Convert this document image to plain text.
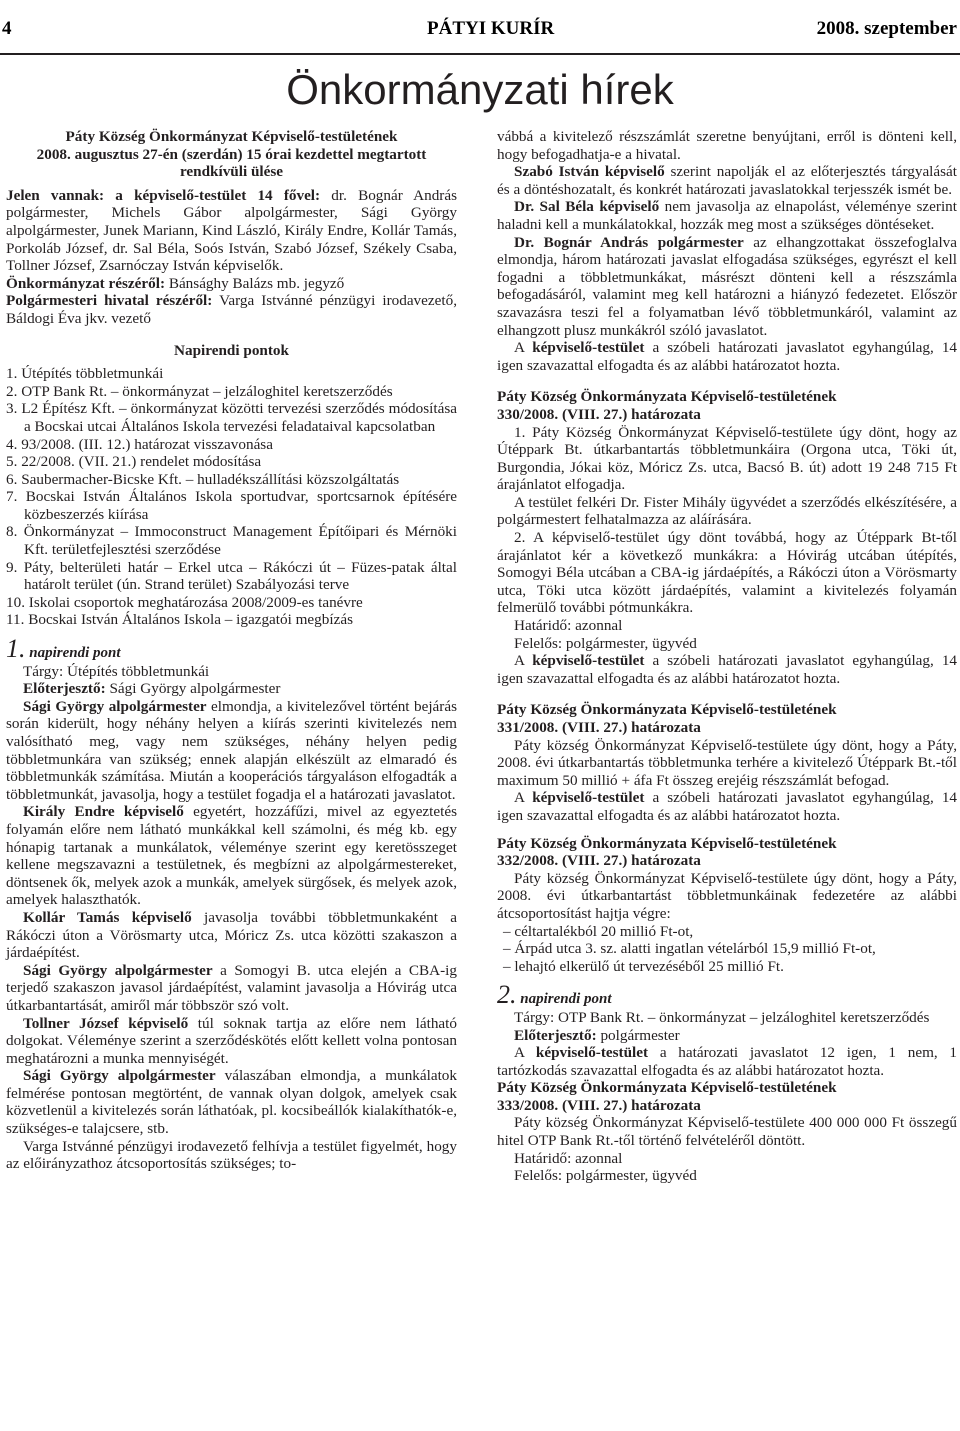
4	PÁTYI KURÍR	2008. szeptember
Önkormányzati hírek

Páty Község Önkormányzat Képviselő-testületének

2008. augusztus 27-én (szerdán) 15 órai kezdettel megtartott

rendkívüli ülése

Jelen vannak: a képviselő-testület 14 fővel: dr. Bognár András polgármester, Michels Gábor alpolgármester, Sági György alpolgármester, Junek Mariann, Kind László, Király Endre, Kollár Tamás, Porkoláb József, dr. Sal Béla, Soós István, Szabó József, Székely Csaba, Tollner József, Zsarnóczay István képviselők.

Önkormányzat részéről: Bánsághy Balázs mb. jegyző

Polgármesteri hivatal részéről: Varga Istvánné pénzügyi irodavezető, Báldogi Éva jkv. vezető

Napirendi pontok

1. Útépítés többletmunkái

2. OTP Bank Rt. – önkormányzat – jelzáloghitel keretszerződés

3. L2 Építész Kft. – önkormányzat közötti tervezési szerződés módosítása a Bocskai utcai Általános Iskola tervezési feladataival kapcsolatban

4. 93/2008. (III. 12.) határozat visszavonása

5. 22/2008. (VII. 21.) rendelet módosítása

6. Saubermacher-Bicske Kft. – hulladékszállítási közszolgáltatás

7. Bocskai István Általános Iskola sportudvar, sportcsarnok építésére közbeszerzés kiírása

8. Önkormányzat – Immoconstruct Management Építőipari és Mérnöki Kft. területfejlesztési szerződése

9. Páty, belterületi határ – Erkel utca – Rákóczi út – Füzes-patak által határolt terület (ún. Strand terület) Szabályozási terve

10. Iskolai csoportok meghatározása 2008/2009-es tanévre

11. Bocskai István Általános Iskola – igazgatói megbízás

1. napirendi pont

Tárgy: Útépítés többletmunkái

Előterjesztő: Sági György alpolgármester

Sági György alpolgármester elmondja, a kivitelezővel történt bejárás során kiderült, hogy néhány helyen a kiírás szerinti kivitelezés nem valósítható meg, vagy nem szükséges, néhány helyen pedig többletmunkára van szükség; ennek alapján elkészült az elmaradó és többletmunkák számítása. Miután a kooperációs tárgyaláson elfogadták a többletmunkát, javasolja, hogy a testület fogadja el a határozati javaslatot.

Király Endre képviselő egyetért, hozzáfűzi, mivel az egyeztetés folyamán előre nem látható munkákkal kell számolni, és még kb. egy hónapig tartanak a munkálatok, véleménye szerint egy keretösszeget kellene megszavazni a testületnek, és megbízni az alpolgármestereket, döntsenek ők, melyek azok a munkák, amelyek sürgősek, és melyek azok, amelyek halaszthatók.

Kollár Tamás képviselő javasolja további többletmunkaként a Rákóczi úton a Vörösmarty utca, Móricz Zs. utca közötti szakaszon a járdaépítést.

Sági György alpolgármester a Somogyi B. utca elején a CBA-ig terjedő szakaszon javasol járdaépítést, valamint javasolja a Hóvirág utca útkarbantartását, amiről már többször szó volt.

Tollner József képviselő túl soknak tartja az előre nem látható dolgokat. Véleménye szerint a szerződéskötés előtt kellett volna pontosan meghatározni a munka mennyiségét.

Sági György alpolgármester válaszában elmondja, a munkálatok felmérése pontosan megtörtént, de vannak olyan dolgok, amelyek csak közvetlenül a kivitelezés során láthatóak, pl. kocsibeállók kialakíthatók-e, szükséges-e talajcsere, stb.

Varga Istvánné pénzügyi irodavezető felhívja a testület figyelmét, hogy az előirányzathoz átcsoportosítás szükséges; to-

vábbá a kivitelező részszámlát szeretne benyújtani, erről is dönteni kell, hogy befogadhatja-e a hivatal.

Szabó István képviselő szerint napolják el az előterjesztés tárgyalását és a döntéshozatalt, és konkrét határozati javaslatokkal terjesszék ismét be.

Dr. Sal Béla képviselő nem javasolja az elnapolást, véleménye szerint haladni kell a munkálatokkal, hozzák meg most a szükséges döntéseket.

Dr. Bognár András polgármester az elhangzottakat összefoglalva elmondja, három határozati javaslat elfogadása szükséges, egyrészt el kell fogadni a többletmunkákat, másrészt dönteni kell a részszámla befogadásáról, valamint meg kell határozni a hiányzó fedezetet. Először szavazásra teszi fel a folyamatban lévő többletmunkáról, valamint az elhangzott plusz munkákról szóló javaslatot.

A képviselő-testület a szóbeli határozati javaslatot egyhangúlag, 14 igen szavazattal elfogadta és az alábbi határozatot hozta.

Páty Község Önkormányzata Képviselő-testületének

330/2008. (VIII. 27.) határozata

1. Páty Község Önkormányzat Képviselő-testülete úgy dönt, hogy az Útéppark Bt. útkarbantartás többletmunkáira (Orgona utca, Töki út, Burgondia, Jókai köz, Móricz Zs. utca, Bacsó B. út) adott 19 248 715 Ft árajánlatot elfogadja.

A testület felkéri Dr. Fister Mihály ügyvédet a szerződés elkészítésére, a polgármestert felhatalmazza az aláírására.

2. A képviselő-testület úgy dönt továbbá, hogy az Útéppark Bt-től árajánlatot kér a következő munkákra: a Hóvirág utcában útépítés, Somogyi Béla utcában a CBA-ig járdaépítés, a Rákóczi úton a Vörösmarty utca, Töki utca között járdaépítés, valamint a kivitelezés folyamán felmerülő további pótmunkákra.

Határidő: azonnal

Felelős: polgármester, ügyvéd

A képviselő-testület a szóbeli határozati javaslatot egyhangúlag, 14 igen szavazattal elfogadta és az alábbi határozatot hozta.

Páty Község Önkormányzata Képviselő-testületének

331/2008. (VIII. 27.) határozata

Páty község Önkormányzat Képviselő-testülete úgy dönt, hogy a Páty, 2008. évi útkarbantartás többletmunka terhére a kivitelező Útéppark Bt.-től maximum 50 millió + áfa Ft összeg erejéig részszámlát befogad.

A képviselő-testület a szóbeli határozati javaslatot egyhangúlag, 14 igen szavazattal elfogadta és az alábbi határozatot hozta.

Páty Község Önkormányzata Képviselő-testületének

332/2008. (VIII. 27.) határozata

Páty község Önkormányzat Képviselő-testülete úgy dönt, hogy a Páty, 2008. évi útkarbantartást többletmunkáinak fedezetére az alábbi átcsoportosítást hajtja végre:

– céltartalékból 20 millió Ft-ot,

– Árpád utca 3. sz. alatti ingatlan vételárból 15,9 millió Ft-ot,

– lehajtó elkerülő út tervezéséből 25 millió Ft.

2. napirendi pont

Tárgy: OTP Bank Rt. – önkormányzat – jelzáloghitel keretszerződés

Előterjesztő: polgármester

A képviselő-testület a határozati javaslatot 12 igen, 1 nem, 1 tartózkodás szavazattal elfogadta és az alábbi határozatot hozta.

Páty Község Önkormányzata Képviselő-testületének

333/2008. (VIII. 27.) határozata

Páty község Önkormányzat Képviselő-testülete 400 000 000 Ft összegű hitel OTP Bank Rt.-től történő felvételéről döntött.

Határidő: azonnal

Felelős: polgármester, ügyvéd
